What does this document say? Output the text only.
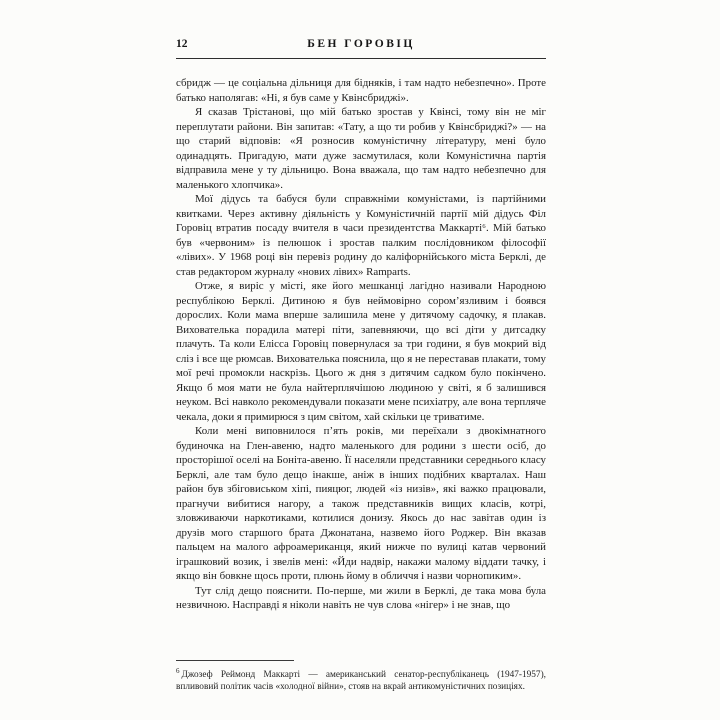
12	БЕН ГОРОВІЦ

сбридж — це соціальна дільниця для бідняків, і там надто небезпечно». Проте батько наполягав: «Ні, я був саме у Квінсбриджі».

Я сказав Трістанові, що мій батько зростав у Квінсі, тому він не міг переплутати райони. Він запитав: «Тату, а що ти робив у Квінсбриджі?» — на що старий відповів: «Я розносив комуністичну літературу, мені було одинадцять. Пригадую, мати дуже засмутилася, коли Комуністична партія відправила мене у ту дільницю. Вона вважала, що там надто небезпечно для маленького хлопчика».

Мої дідусь та бабуся були справжніми комуністами, із партійними квитками. Через активну діяльність у Комуністичній партії мій дідусь Філ Горовіц втратив посаду вчителя в часи президентства Маккарті⁶. Мій батько був «червоним» із пелюшок і зростав палким послідовником філософії «лівих». У 1968 році він перевіз родину до каліфорнійського міста Берклі, де став редактором журналу «нових лівих» Ramparts.

Отже, я виріс у місті, яке його мешканці лагідно називали Народною республікою Берклі. Дитиною я був неймовірно сором’язливим і боявся дорослих. Коли мама вперше залишила мене у дитячому садочку, я плакав. Вихователька порадила матері піти, запевняючи, що всі діти у дитсадку плачуть. Та коли Елісса Горовіц повернулася за три години, я був мокрий від сліз і все ще рюмсав. Вихователька пояснила, що я не переставав плакати, тому мої речі промокли наскрізь. Цього ж дня з дитячим садком було покінчено. Якщо б моя мати не була найтерплячішою людиною у світі, я б залишився неуком. Всі навколо рекомендували показати мене психіатру, але вона терпляче чекала, доки я примирюся з цим світом, хай скільки це триватиме.

Коли мені виповнилося п’ять років, ми переїхали з двокімнатного будиночка на Глен-авеню, надто маленького для родини з шести осіб, до просторішої оселі на Боніта-авеню. Її населяли представники середнього класу Берклі, але там було дещо інакше, аніж в інших подібних кварталах. Наш район був збіговиськом хіпі, пияцюг, людей «із низів», які важко працювали, прагнучи вибитися нагору, а також представників вищих класів, котрі, зловживаючи наркотиками, котилися донизу. Якось до нас завітав один із друзів мого старшого брата Джонатана, назвемо його Роджер. Він вказав пальцем на малого афроамериканця, який нижче по вулиці катав червоний іграшковий возик, і звелів мені: «Йди надвір, накажи малому віддати тачку, і якщо він бовкне щось проти, плюнь йому в обличчя і назви чорнопиким».

Тут слід дещо пояснити. По-перше, ми жили в Берклі, де така мова була незвичною. Насправді я ніколи навіть не чув слова «нігер» і не знав, що

$^6$ Джозеф Реймонд Маккарті — американський сенатор-республіканець (1947-1957), впливовий політик часів «холодної війни», стояв на вкрай антикомуністичних позиціях.
